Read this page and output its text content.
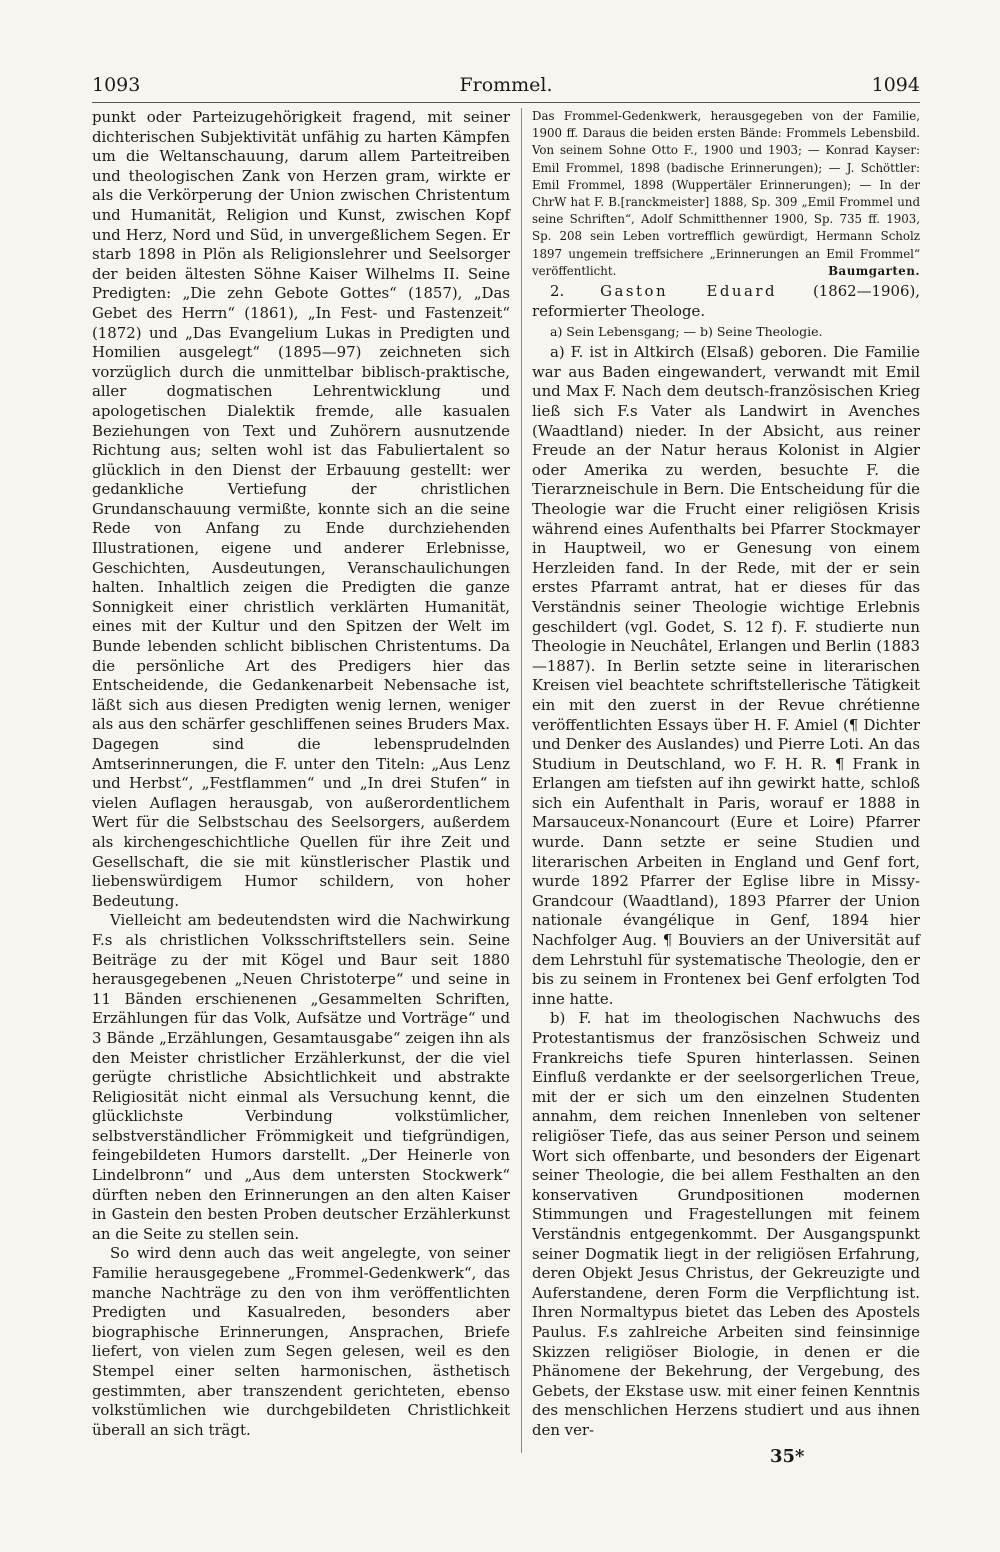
1093	Frommel.	1094

punkt oder Parteizugehörigkeit fragend, mit seiner dichterischen Subjektivität unfähig zu harten Kämpfen um die Weltanschauung, darum allem Parteitreiben und theologischen Zank von Herzen gram, wirkte er als die Verkörperung der Union zwischen Christentum und Humanität, Religion und Kunst, zwischen Kopf und Herz, Nord und Süd, in unvergeßlichem Segen. Er starb 1898 in Plön als Religionslehrer und Seelsorger der beiden ältesten Söhne Kaiser Wilhelms II. Seine Predigten: „Die zehn Gebote Gottes“ (1857), „Das Gebet des Herrn“ (1861), „In Fest- und Fastenzeit“ (1872) und „Das Evangelium Lukas in Predigten und Homilien ausgelegt“ (1895—97) zeichneten sich vorzüglich durch die unmittelbar biblisch-praktische, aller dogmatischen Lehrentwicklung und apologetischen Dialektik fremde, alle kasualen Beziehungen von Text und Zuhörern ausnutzende Richtung aus; selten wohl ist das Fabuliertalent so glücklich in den Dienst der Erbauung gestellt: wer gedankliche Vertiefung der christlichen Grundanschauung vermißte, konnte sich an die seine Rede von Anfang zu Ende durchziehenden Illustrationen, eigene und anderer Erlebnisse, Geschichten, Ausdeutungen, Veranschaulichungen halten. Inhaltlich zeigen die Predigten die ganze Sonnigkeit einer christlich verklärten Humanität, eines mit der Kultur und den Spitzen der Welt im Bunde lebenden schlicht biblischen Christentums. Da die persönliche Art des Predigers hier das Entscheidende, die Gedankenarbeit Nebensache ist, läßt sich aus diesen Predigten wenig lernen, weniger als aus den schärfer geschliffenen seines Bruders Max. Dagegen sind die lebensprudelnden Amtserinnerungen, die F. unter den Titeln: „Aus Lenz und Herbst“, „Festflammen“ und „In drei Stufen“ in vielen Auflagen herausgab, von außerordentlichem Wert für die Selbstschau des Seelsorgers, außerdem als kirchengeschichtliche Quellen für ihre Zeit und Gesellschaft, die sie mit künstlerischer Plastik und liebenswürdigem Humor schildern, von hoher Bedeutung.

Vielleicht am bedeutendsten wird die Nachwirkung F.s als christlichen Volksschriftstellers sein. Seine Beiträge zu der mit Kögel und Baur seit 1880 herausgegebenen „Neuen Christoterpe“ und seine in 11 Bänden erschienenen „Gesammelten Schriften, Erzählungen für das Volk, Aufsätze und Vorträge“ und 3 Bände „Erzählungen, Gesamtausgabe“ zeigen ihn als den Meister christlicher Erzählerkunst, der die viel gerügte christliche Absichtlichkeit und abstrakte Religiosität nicht einmal als Versuchung kennt, die glücklichste Verbindung volkstümlicher, selbstverständlicher Frömmigkeit und tiefgründigen, feingebildeten Humors darstellt. „Der Heinerle von Lindelbronn“ und „Aus dem untersten Stockwerk“ dürften neben den Erinnerungen an den alten Kaiser in Gastein den besten Proben deutscher Erzählerkunst an die Seite zu stellen sein.

So wird denn auch das weit angelegte, von seiner Familie herausgegebene „Frommel-Gedenkwerk“, das manche Nachträge zu den von ihm veröffentlichten Predigten und Kasualreden, besonders aber biographische Erinnerungen, Ansprachen, Briefe liefert, von vielen zum Segen gelesen, weil es den Stempel einer selten harmonischen, ästhetisch gestimmten, aber transzendent gerichteten, ebenso volkstümlichen wie durchgebildeten Christlichkeit überall an sich trägt.

Das Frommel-Gedenkwerk, herausgegeben von der Familie, 1900 ff. Daraus die beiden ersten Bände: Frommels Lebensbild. Von seinem Sohne Otto F., 1900 und 1903; — Konrad Kayser: Emil Frommel, 1898 (badische Erinnerungen); — J. Schöttler: Emil Frommel, 1898 (Wuppertäler Erinnerungen); — In der ChrW hat F. B.[ranckmeister] 1888, Sp. 309 „Emil Frommel und seine Schriften“, Adolf Schmitthenner 1900, Sp. 735 ff. 1903, Sp. 208 sein Leben vortrefflich gewürdigt, Hermann Scholz 1897 ungemein treffsichere „Erinnerungen an Emil Frommel“ veröffentlicht.	Baumgarten.

2. Gaston Eduard (1862—1906), reformierter Theologe.

a) Sein Lebensgang; — b) Seine Theologie.

a) F. ist in Altkirch (Elsaß) geboren. Die Familie war aus Baden eingewandert, verwandt mit Emil und Max F. Nach dem deutsch-französischen Krieg ließ sich F.s Vater als Landwirt in Avenches (Waadtland) nieder. In der Absicht, aus reiner Freude an der Natur heraus Kolonist in Algier oder Amerika zu werden, besuchte F. die Tierarzneischule in Bern. Die Entscheidung für die Theologie war die Frucht einer religiösen Krisis während eines Aufenthalts bei Pfarrer Stockmayer in Hauptweil, wo er Genesung von einem Herzleiden fand. In der Rede, mit der er sein erstes Pfarramt antrat, hat er dieses für das Verständnis seiner Theologie wichtige Erlebnis geschildert (vgl. Godet, S. 12 f). F. studierte nun Theologie in Neuchâtel, Erlangen und Berlin (1883—1887). In Berlin setzte seine in literarischen Kreisen viel beachtete schriftstellerische Tätigkeit ein mit den zuerst in der Revue chrétienne veröffentlichten Essays über H. F. Amiel (¶ Dichter und Denker des Auslandes) und Pierre Loti. An das Studium in Deutschland, wo F. H. R. ¶ Frank in Erlangen am tiefsten auf ihn gewirkt hatte, schloß sich ein Aufenthalt in Paris, worauf er 1888 in Marsauceux-Nonancourt (Eure et Loire) Pfarrer wurde. Dann setzte er seine Studien und literarischen Arbeiten in England und Genf fort, wurde 1892 Pfarrer der Eglise libre in Missy-Grandcour (Waadtland), 1893 Pfarrer der Union nationale évangélique in Genf, 1894 hier Nachfolger Aug. ¶ Bouviers an der Universität auf dem Lehrstuhl für systematische Theologie, den er bis zu seinem in Frontenex bei Genf erfolgten Tod inne hatte.

b) F. hat im theologischen Nachwuchs des Protestantismus der französischen Schweiz und Frankreichs tiefe Spuren hinterlassen. Seinen Einfluß verdankte er der seelsorgerlichen Treue, mit der er sich um den einzelnen Studenten annahm, dem reichen Innenleben von seltener religiöser Tiefe, das aus seiner Person und seinem Wort sich offenbarte, und besonders der Eigenart seiner Theologie, die bei allem Festhalten an den konservativen Grundpositionen modernen Stimmungen und Fragestellungen mit feinem Verständnis entgegenkommt. Der Ausgangspunkt seiner Dogmatik liegt in der religiösen Erfahrung, deren Objekt Jesus Christus, der Gekreuzigte und Auferstandene, deren Form die Verpflichtung ist. Ihren Normaltypus bietet das Leben des Apostels Paulus. F.s zahlreiche Arbeiten sind feinsinnige Skizzen religiöser Biologie, in denen er die Phänomene der Bekehrung, der Vergebung, des Gebets, der Ekstase usw. mit einer feinen Kenntnis des menschlichen Herzens studiert und aus ihnen den ver-

35*
